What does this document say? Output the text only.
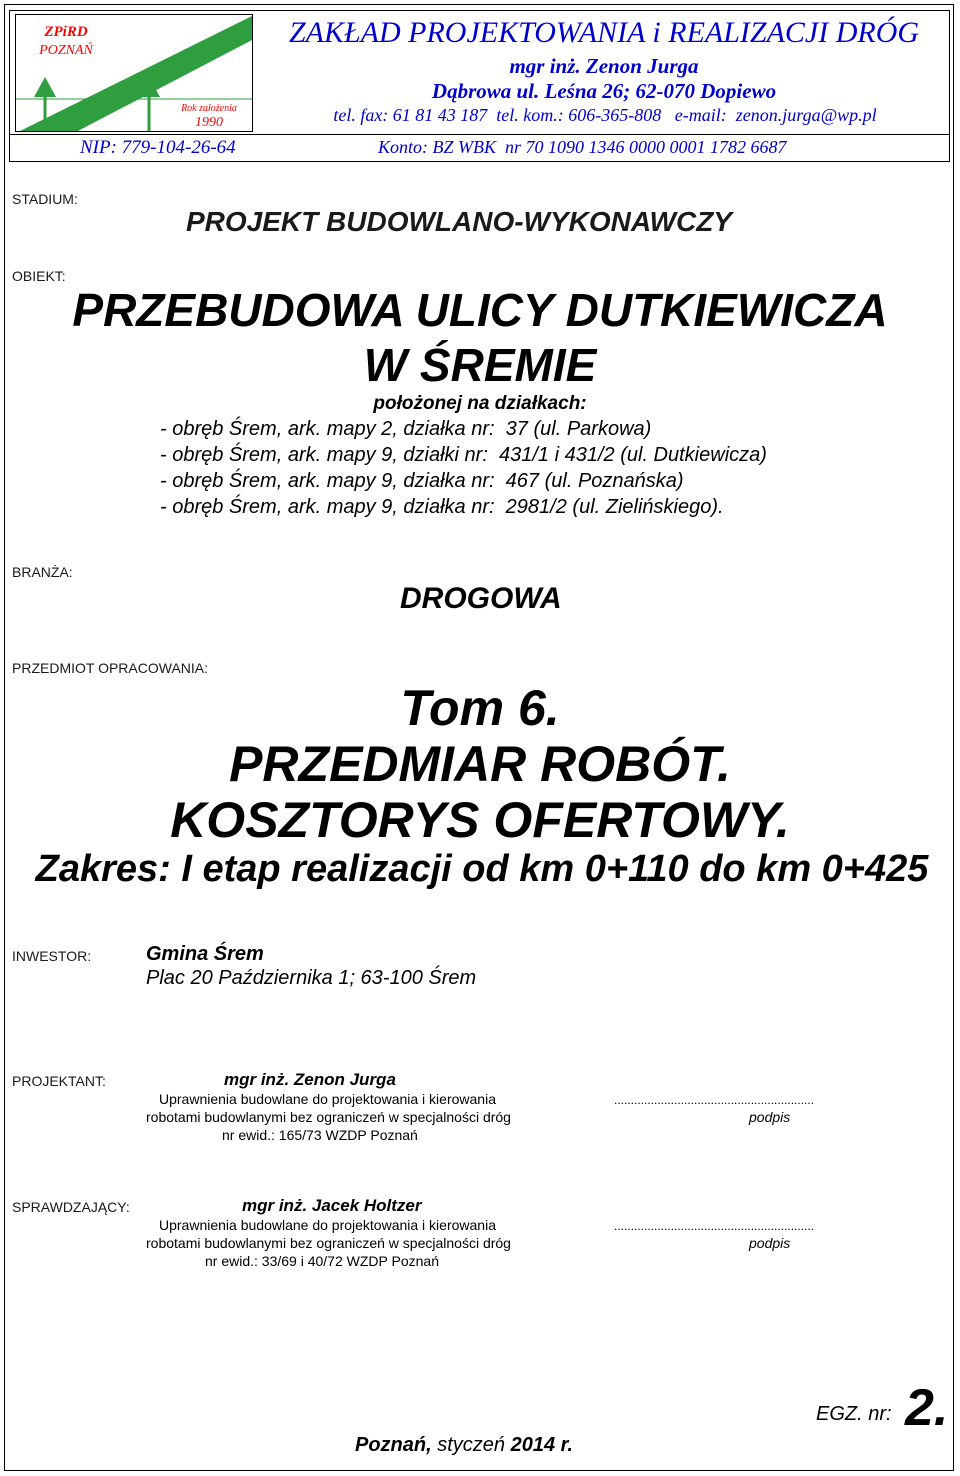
ZPiRD
POZNAŃ
Rok założenia
1990
ZAKŁAD PROJEKTOWANIA i REALIZACJI DRÓG
mgr inż. Zenon Jurga
Dąbrowa ul. Leśna 26; 62-070 Dopiewo
tel. fax: 61 81 43 187  tel. kom.: 606-365-808   e-mail:  zenon.jurga@wp.pl
NIP: 779-104-26-64	Konto: BZ WBK  nr 70 1090 1346 0000 0001 1782 6687
STADIUM:
PROJEKT BUDOWLANO-WYKONAWCZY
OBIEKT:
PRZEBUDOWA ULICY DUTKIEWICZA
W ŚREMIE
położonej na działkach:
- obręb Śrem, ark. mapy 2, działka nr:  37 (ul. Parkowa)
- obręb Śrem, ark. mapy 9, działki nr:  431/1 i 431/2 (ul. Dutkiewicza)
- obręb Śrem, ark. mapy 9, działka nr:  467 (ul. Poznańska)
- obręb Śrem, ark. mapy 9, działka nr:  2981/2 (ul. Zielińskiego).
BRANŻA:
DROGOWA
PRZEDMIOT OPRACOWANIA:
Tom 6.
PRZEDMIAR ROBÓT.
KOSZTORYS OFERTOWY.
Zakres: I etap realizacji od km 0+110 do km 0+425
INWESTOR:	Gmina Śrem
Plac 20 Października 1; 63-100 Śrem
PROJEKTANT:	mgr inż. Zenon Jurga
Uprawnienia budowlane do projektowania i kierowania
robotami budowlanymi bez ograniczeń w specjalności dróg
nr ewid.: 165/73 WZDP Poznań
............................................................
podpis
SPRAWDZAJĄCY:	mgr inż. Jacek Holtzer
Uprawnienia budowlane do projektowania i kierowania
robotami budowlanymi bez ograniczeń w specjalności dróg
nr ewid.: 33/69 i 40/72 WZDP Poznań
............................................................
podpis
EGZ. nr: 2.
Poznań, styczeń 2014 r.
